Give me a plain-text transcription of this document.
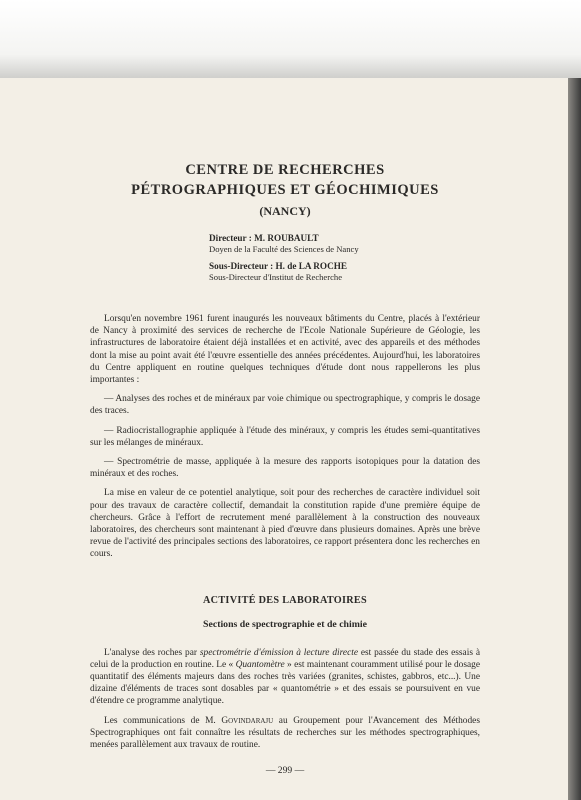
CENTRE DE RECHERCHES
PÉTROGRAPHIQUES ET GÉOCHIMIQUES
(NANCY)
Directeur : M. ROUBAULT
Doyen de la Faculté des Sciences de Nancy
Sous-Directeur : H. de LA ROCHE
Sous-Directeur d'Institut de Recherche

Lorsqu'en novembre 1961 furent inaugurés les nouveaux bâtiments du Centre, placés à l'extérieur de Nancy à proximité des services de recherche de l'Ecole Nationale Supérieure de Géologie, les infrastructures de laboratoire étaient déjà installées et en activité, avec des appareils et des méthodes dont la mise au point avait été l'œuvre essentielle des années précédentes. Aujourd'hui, les laboratoires du Centre appliquent en routine quelques techniques d'étude dont nous rappellerons les plus importantes :

— Analyses des roches et de minéraux par voie chimique ou spectrographique, y compris le dosage des traces.

— Radiocristallographie appliquée à l'étude des minéraux, y compris les études semi-quantitatives sur les mélanges de minéraux.

— Spectrométrie de masse, appliquée à la mesure des rapports isotopiques pour la datation des minéraux et des roches.

La mise en valeur de ce potentiel analytique, soit pour des recherches de caractère individuel soit pour des travaux de caractère collectif, demandait la constitution rapide d'une première équipe de chercheurs. Grâce à l'effort de recrutement mené parallèlement à la construction des nouveaux laboratoires, des chercheurs sont maintenant à pied d'œuvre dans plusieurs domaines. Après une brève revue de l'activité des principales sections des laboratoires, ce rapport présentera donc les recherches en cours.

ACTIVITÉ DES LABORATOIRES
Sections de spectrographie et de chimie

L'analyse des roches par spectrométrie d'émission à lecture directe est passée du stade des essais à celui de la production en routine. Le « Quantomètre » est maintenant couramment utilisé pour le dosage quantitatif des éléments majeurs dans des roches très variées (granites, schistes, gabbros, etc...). Une dizaine d'éléments de traces sont dosables par « quantométrie » et des essais se poursuivent en vue d'étendre ce programme analytique.

Les communications de M. Govindaraju au Groupement pour l'Avancement des Méthodes Spectrographiques ont fait connaître les résultats de recherches sur les méthodes spectrographiques, menées parallèlement aux travaux de routine.

— 299 —
